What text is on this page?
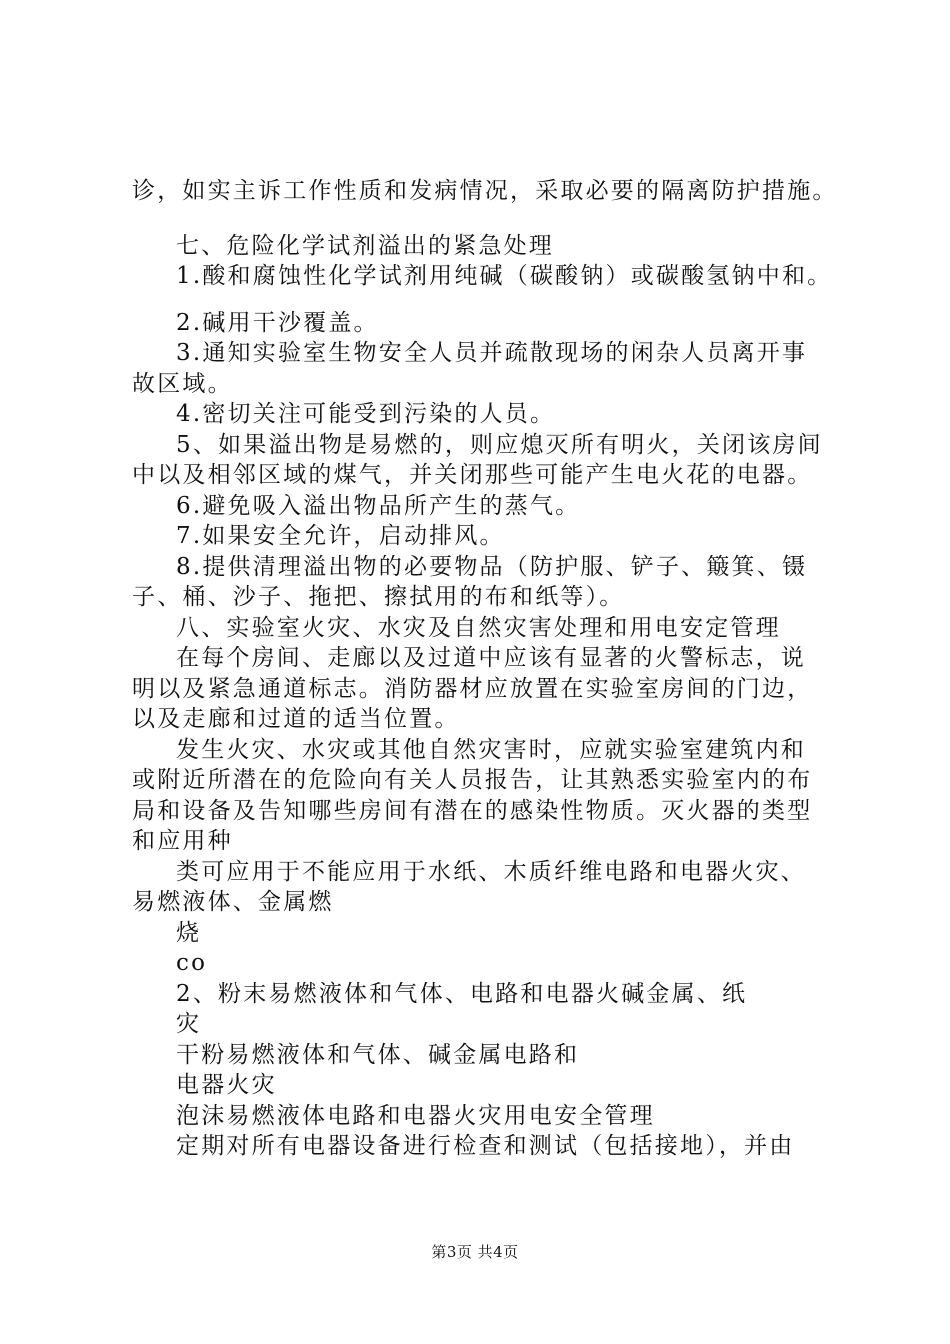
诊，如实主诉工作性质和发病情况，采取必要的隔离防护措施。
七、危险化学试剂溢出的紧急处理
1.酸和腐蚀性化学试剂用纯碱（碳酸钠）或碳酸氢钠中和。
2.碱用干沙覆盖。
3.通知实验室生物安全人员并疏散现场的闲杂人员离开事
故区域。
4.密切关注可能受到污染的人员。
5、如果溢出物是易燃的，则应熄灭所有明火，关闭该房间
中以及相邻区域的煤气，并关闭那些可能产生电火花的电器。
6.避免吸入溢出物品所产生的蒸气。
7.如果安全允许，启动排风。
8.提供清理溢出物的必要物品（防护服、铲子、簸箕、镊
子、桶、沙子、拖把、擦拭用的布和纸等）。
八、实验室火灾、水灾及自然灾害处理和用电安定管理
在每个房间、走廊以及过道中应该有显著的火警标志，说
明以及紧急通道标志。消防器材应放置在实验室房间的门边，
以及走廊和过道的适当位置。
发生火灾、水灾或其他自然灾害时，应就实验室建筑内和
或附近所潜在的危险向有关人员报告，让其熟悉实验室内的布
局和设备及告知哪些房间有潜在的感染性物质。灭火器的类型
和应用种
类可应用于不能应用于水纸、木质纤维电路和电器火灾、
易燃液体、金属燃
烧
co
2、粉末易燃液体和气体、电路和电器火碱金属、纸
灾
干粉易燃液体和气体、碱金属电路和
电器火灾
泡沫易燃液体电路和电器火灾用电安全管理
定期对所有电器设备进行检查和测试（包括接地），并由
第3页 共4页
